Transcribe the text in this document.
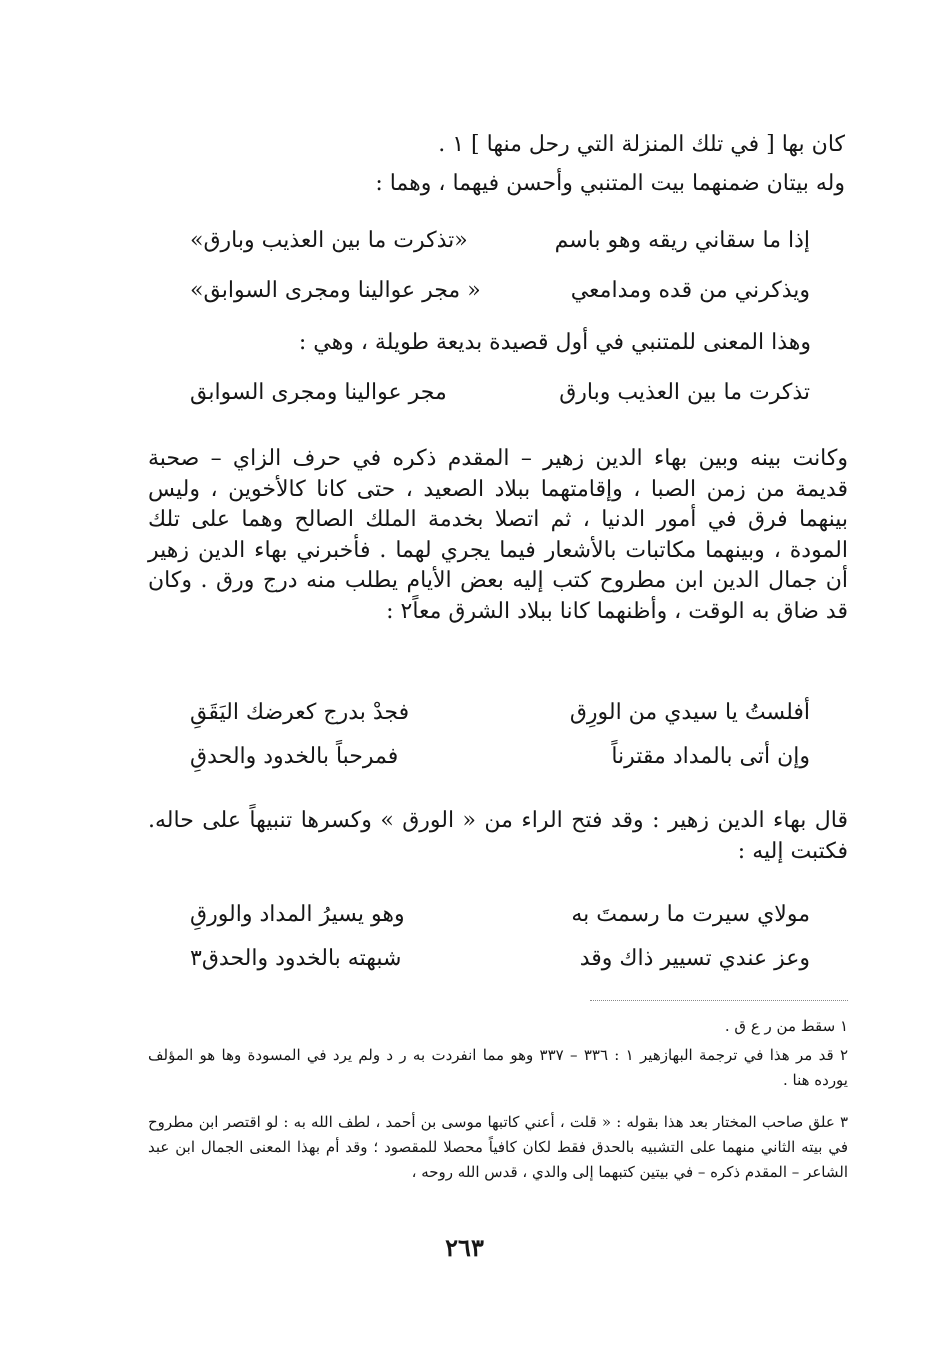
كان بها [ في تلك المنزلة التي رحل منها ] ١ .
وله بيتان ضمنهما بيت المتنبي وأحسن فيهما ، وهما :
إذا ما سقاني ريقه وهو باسم
«تذكرت ما بين العذيب وبارق»
ويذكرني من قده ومدامعي
« مجر عوالينا ومجرى السوابق»
وهذا المعنى للمتنبي في أول قصيدة بديعة طويلة ، وهي :
تذكرت ما بين العذيب وبارق
مجر عوالينا ومجرى السوابق
وكانت بينه وبين بهاء الدين زهير – المقدم ذكره في حرف الزاي – صحبة قديمة من زمن الصبا ، وإقامتهما ببلاد الصعيد ، حتى كانا كالأخوين ، وليس بينهما فرق في أمور الدنيا ، ثم اتصلا بخدمة الملك الصالح وهما على تلك المودة ، وبينهما مكاتبات بالأشعار فيما يجري لهما . فأخبرني بهاء الدين زهير أن جمال الدين ابن مطروح كتب إليه بعض الأيام يطلب منه درج ورق . وكان قد ضاق به الوقت ، وأظنهما كانا ببلاد الشرق معاً٢ :
أفلستُ يا سيدي من الورِق
فجدْ بدرج كعرضك اليَقَقِ
وإن أتى بالمداد مقترناً
فمرحباً بالخدود والحدقِ
قال بهاء الدين زهير : وقد فتح الراء من « الورق » وكسرها تنبيهاً على حاله. فكتبت إليه :
مولاي سيرت ما رسمتَ به
وهو يسيرُ المداد والورقِ
وعز عندي تسيير ذاك وقد
شبهته بالخدود والحدق٣
١ سقط من ر ع ق .
٢ قد مر هذا في ترجمة البهازهير ١ : ٣٣٦ – ٣٣٧ وهو مما انفردت به ر د ولم يرد في المسودة وها هو المؤلف يورده هنا .
٣ علق صاحب المختار بعد هذا بقوله : « قلت ، أعني كاتبها موسى بن أحمد ، لطف الله به : لو اقتصر ابن مطروح في بيته الثاني منهما على التشبيه بالحدق فقط لكان كافياً محصلا للمقصود ؛ وقد أم بهذا المعنى الجمال ابن عبد الشاعر – المقدم ذكره – في بيتين كتبهما إلى والدي ، قدس الله روحه ،
٢٦٣
